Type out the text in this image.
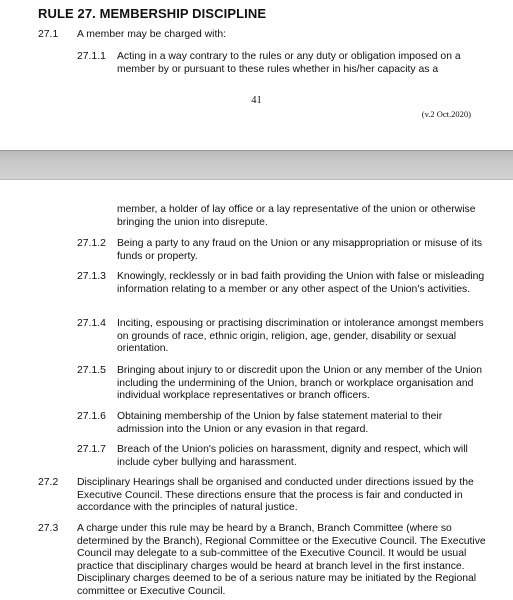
RULE 27. MEMBERSHIP DISCIPLINE
27.1 A member may be charged with:
27.1.1 Acting in a way contrary to the rules or any duty or obligation imposed on a member by or pursuant to these rules whether in his/her capacity as a
41
(v.2 Oct.2020)
member, a holder of lay office or a lay representative of the union or otherwise bringing the union into disrepute.
27.1.2 Being a party to any fraud on the Union or any misappropriation or misuse of its funds or property.
27.1.3 Knowingly, recklessly or in bad faith providing the Union with false or misleading information relating to a member or any other aspect of the Union's activities.
27.1.4 Inciting, espousing or practising discrimination or intolerance amongst members on grounds of race, ethnic origin, religion, age, gender, disability or sexual orientation.
27.1.5 Bringing about injury to or discredit upon the Union or any member of the Union including the undermining of the Union, branch or workplace organisation and individual workplace representatives or branch officers.
27.1.6 Obtaining membership of the Union by false statement material to their admission into the Union or any evasion in that regard.
27.1.7 Breach of the Union's policies on harassment, dignity and respect, which will include cyber bullying and harassment.
27.2 Disciplinary Hearings shall be organised and conducted under directions issued by the Executive Council. These directions ensure that the process is fair and conducted in accordance with the principles of natural justice.
27.3 A charge under this rule may be heard by a Branch, Branch Committee (where so determined by the Branch), Regional Committee or the Executive Council. The Executive Council may delegate to a sub-committee of the Executive Council. It would be usual practice that disciplinary charges would be heard at branch level in the first instance. Disciplinary charges deemed to be of a serious nature may be initiated by the Regional committee or Executive Council.
